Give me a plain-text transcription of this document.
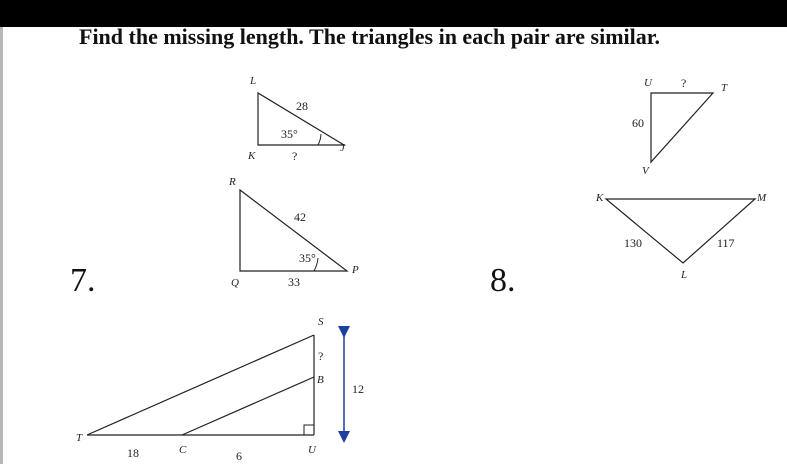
Find the missing length. The triangles in each pair are similar.
7.	8.
L
K
J
28
35°
?
R
Q
P
42
35°
33
U	T
V
?
60
K	M
L
130	117
S
B
T
C	U
?
12
18	6
